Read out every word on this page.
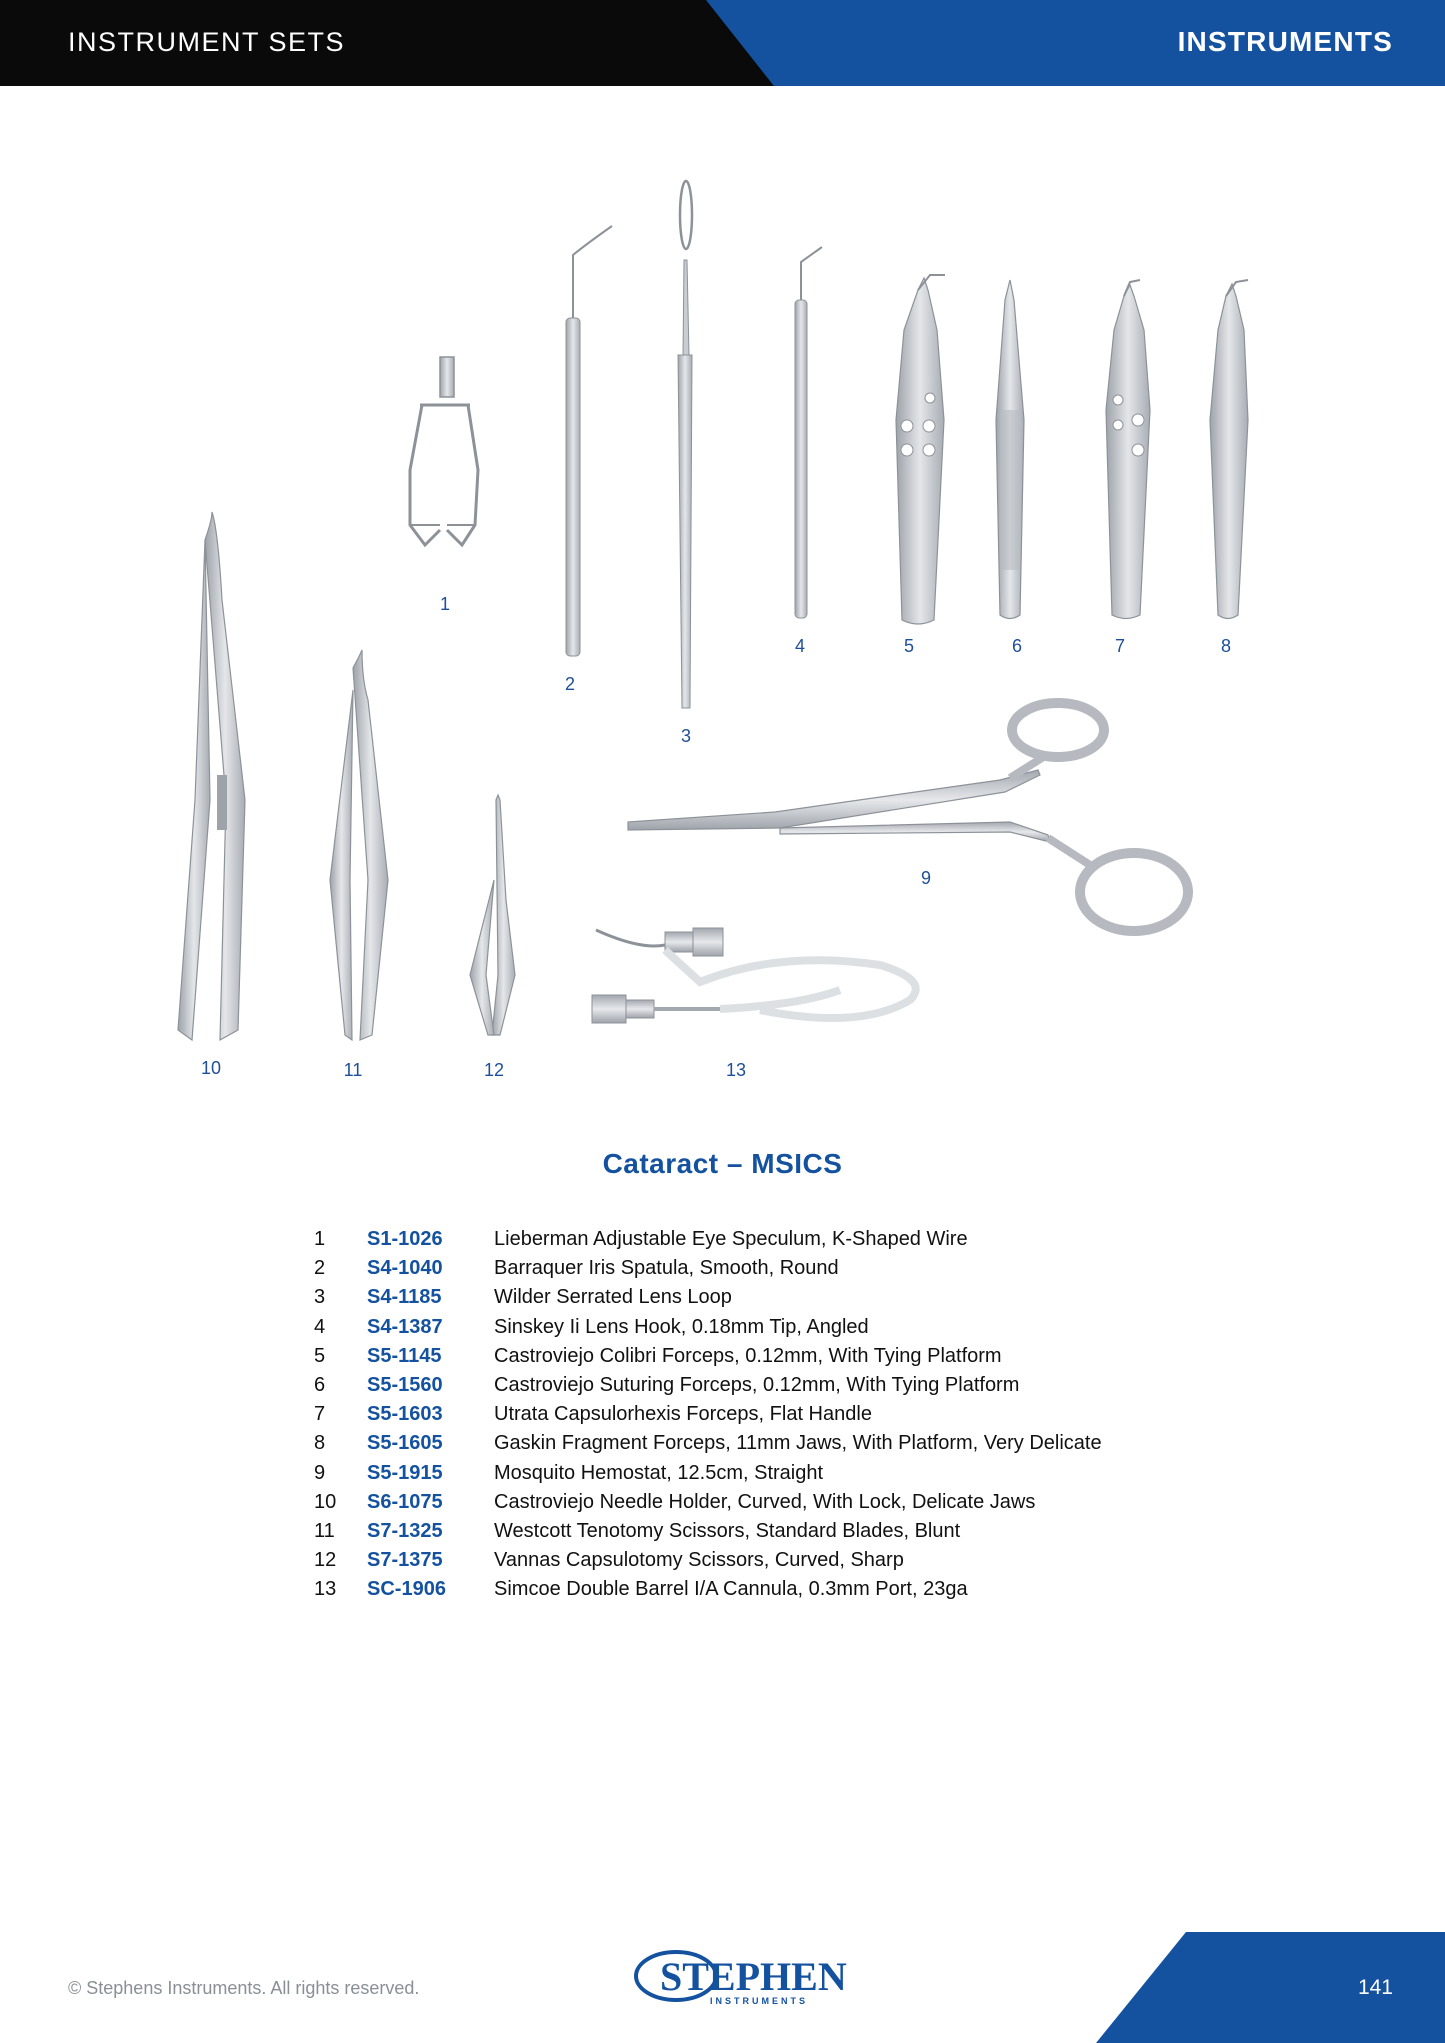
INSTRUMENT SETS	INSTRUMENTS
1
2
3
4	5	6	7	8
9
10	11	12	13
Cataract – MSICS
1 S1-1026	Lieberman Adjustable Eye Speculum, K-Shaped Wire
2 S4-1040	Barraquer Iris Spatula, Smooth, Round
3 S4-1185	Wilder Serrated Lens Loop
4 S4-1387	Sinskey Ii Lens Hook, 0.18mm Tip, Angled
5 S5-1145	Castroviejo Colibri Forceps, 0.12mm, With Tying Platform
6 S5-1560	Castroviejo Suturing Forceps, 0.12mm, With Tying Platform
7 S5-1603	Utrata Capsulorhexis Forceps, Flat Handle
8 S5-1605	Gaskin Fragment Forceps, 11mm Jaws, With Platform, Very Delicate
9 S5-1915	Mosquito Hemostat, 12.5cm, Straight
10 S6-1075	Castroviejo Needle Holder, Curved, With Lock, Delicate Jaws
11 S7-1325	Westcott Tenotomy Scissors, Standard Blades, Blunt
12 S7-1375	Vannas Capsulotomy Scissors, Curved, Sharp
13 SC-1906 Simcoe Double Barrel I/A Cannula, 0.3mm Port, 23ga
© Stephens Instruments. All rights reserved.	STEPHEN
INSTRUMENTS
141
